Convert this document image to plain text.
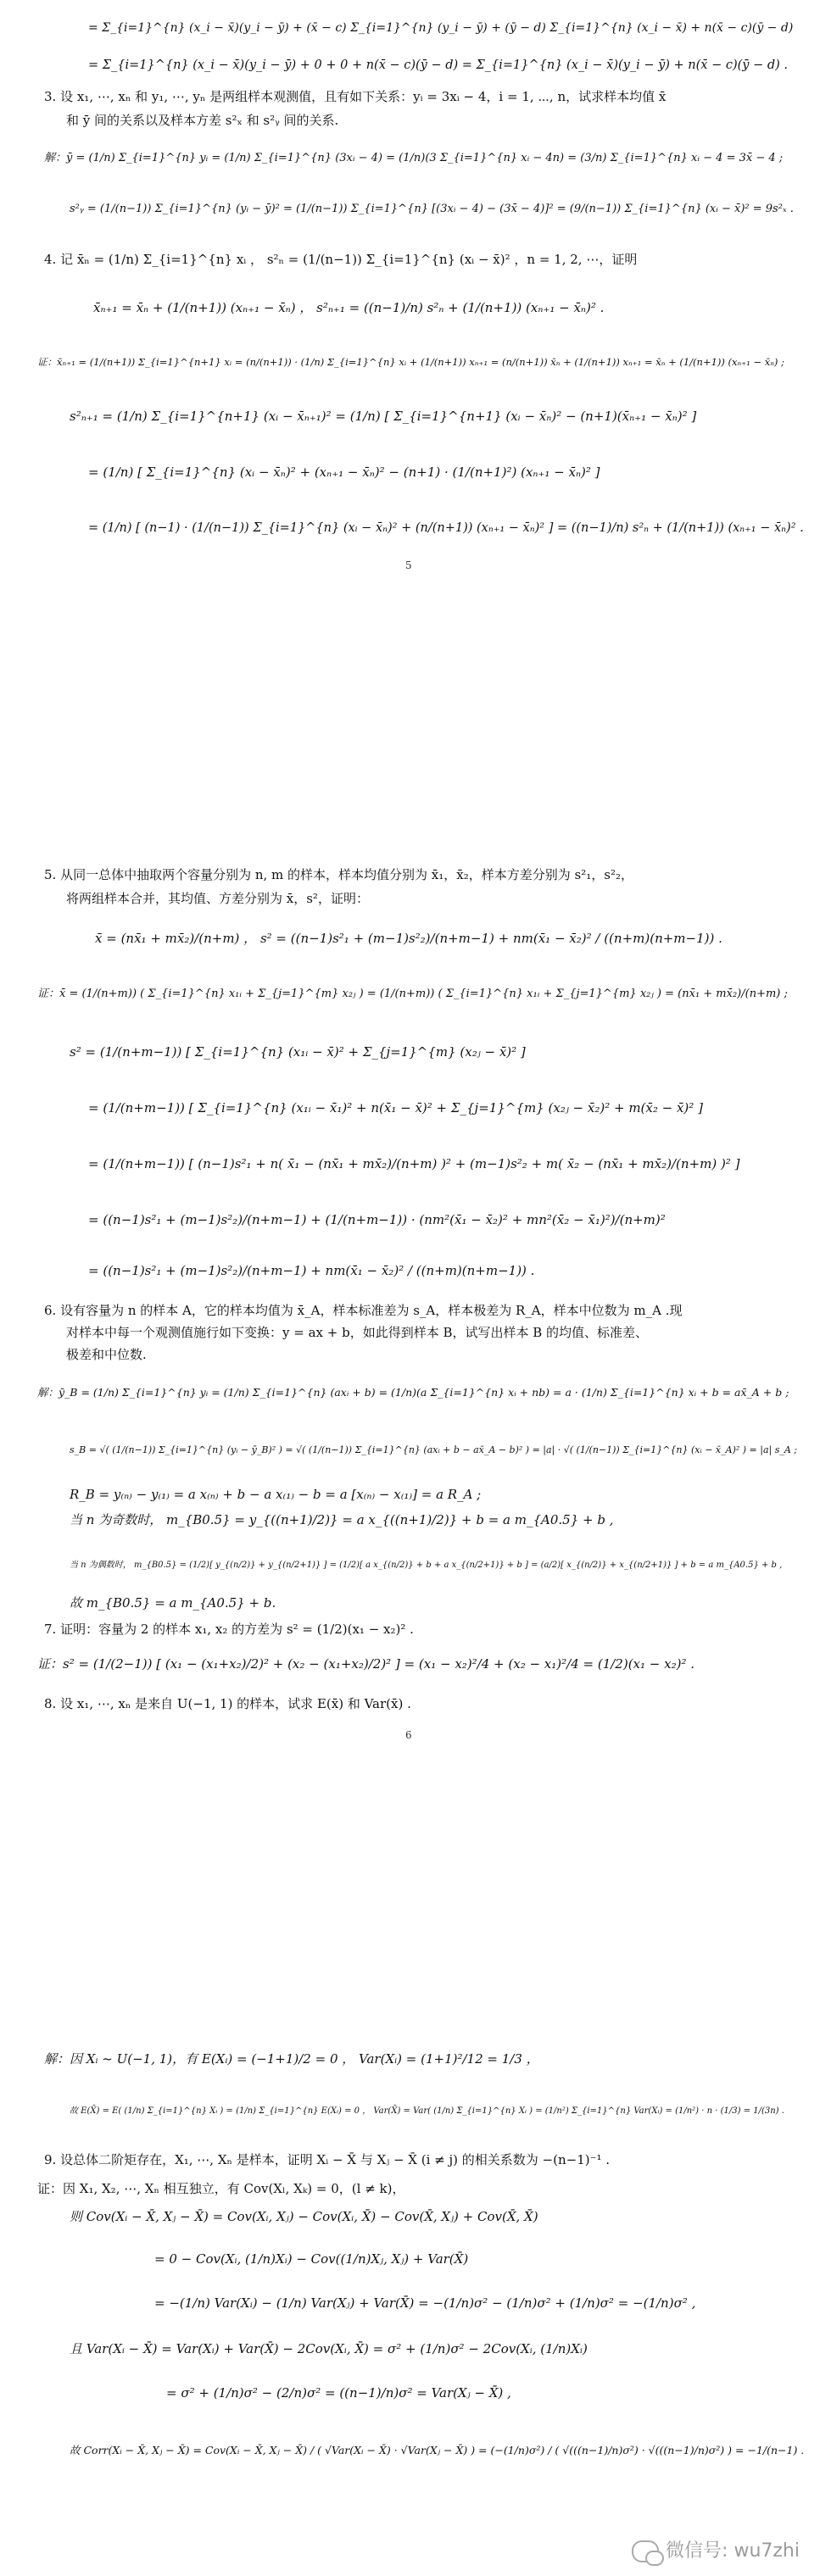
= Σ_{i=1}^{n} (x_i − x̄)(y_i − ȳ) + (x̄ − c) Σ_{i=1}^{n} (y_i − ȳ) + (ȳ − d) Σ_{i=1}^{n} (x_i − x̄) + n(x̄ − c)(ȳ − d)
= Σ_{i=1}^{n} (x_i − x̄)(y_i − ȳ) + 0 + 0 + n(x̄ − c)(ȳ − d) = Σ_{i=1}^{n} (x_i − x̄)(y_i − ȳ) + n(x̄ − c)(ȳ − d) .
3. 设 x₁, ⋯, xₙ 和 y₁, ⋯, yₙ 是两组样本观测值，且有如下关系：yᵢ = 3xᵢ − 4，i = 1, ⋯, n，试求样本均值 x̄
和 ȳ 间的关系以及样本方差 s²ₓ 和 s²ᵧ 间的关系.
解：ȳ = (1/n) Σ_{i=1}^{n} yᵢ = (1/n) Σ_{i=1}^{n} (3xᵢ − 4) = (1/n)(3 Σ_{i=1}^{n} xᵢ − 4n) = (3/n) Σ_{i=1}^{n} xᵢ − 4 = 3x̄ − 4 ;
s²ᵧ = (1/(n−1)) Σ_{i=1}^{n} (yᵢ − ȳ)² = (1/(n−1)) Σ_{i=1}^{n} [(3xᵢ − 4) − (3x̄ − 4)]² = (9/(n−1)) Σ_{i=1}^{n} (xᵢ − x̄)² = 9s²ₓ .
4. 记 x̄ₙ = (1/n) Σ_{i=1}^{n} xᵢ ， s²ₙ = (1/(n−1)) Σ_{i=1}^{n} (xᵢ − x̄)² ，n = 1, 2, ⋯，证明
x̄ₙ₊₁ = x̄ₙ + (1/(n+1)) (xₙ₊₁ − x̄ₙ) ， s²ₙ₊₁ = ((n−1)/n) s²ₙ + (1/(n+1)) (xₙ₊₁ − x̄ₙ)² .
证：x̄ₙ₊₁ = (1/(n+1)) Σ_{i=1}^{n+1} xᵢ = (n/(n+1)) · (1/n) Σ_{i=1}^{n} xᵢ + (1/(n+1)) xₙ₊₁ = (n/(n+1)) x̄ₙ + (1/(n+1)) xₙ₊₁ = x̄ₙ + (1/(n+1)) (xₙ₊₁ − x̄ₙ) ;
s²ₙ₊₁ = (1/n) Σ_{i=1}^{n+1} (xᵢ − x̄ₙ₊₁)² = (1/n) [ Σ_{i=1}^{n+1} (xᵢ − x̄ₙ)² − (n+1)(x̄ₙ₊₁ − x̄ₙ)² ]
= (1/n) [ Σ_{i=1}^{n} (xᵢ − x̄ₙ)² + (xₙ₊₁ − x̄ₙ)² − (n+1) · (1/(n+1)²) (xₙ₊₁ − x̄ₙ)² ]
= (1/n) [ (n−1) · (1/(n−1)) Σ_{i=1}^{n} (xᵢ − x̄ₙ)² + (n/(n+1)) (xₙ₊₁ − x̄ₙ)² ] = ((n−1)/n) s²ₙ + (1/(n+1)) (xₙ₊₁ − x̄ₙ)² .
5
5. 从同一总体中抽取两个容量分别为 n, m 的样本，样本均值分别为 x̄₁，x̄₂，样本方差分别为 s²₁，s²₂，
将两组样本合并，其均值、方差分别为 x̄，s²，证明：
x̄ = (nx̄₁ + mx̄₂)/(n+m) ， s² = ((n−1)s²₁ + (m−1)s²₂)/(n+m−1) + nm(x̄₁ − x̄₂)² / ((n+m)(n+m−1)) .
证：x̄ = (1/(n+m)) ( Σ_{i=1}^{n} x₁ᵢ + Σ_{j=1}^{m} x₂ⱼ ) = (1/(n+m)) ( Σ_{i=1}^{n} x₁ᵢ + Σ_{j=1}^{m} x₂ⱼ ) = (nx̄₁ + mx̄₂)/(n+m) ;
s² = (1/(n+m−1)) [ Σ_{i=1}^{n} (x₁ᵢ − x̄)² + Σ_{j=1}^{m} (x₂ⱼ − x̄)² ]
= (1/(n+m−1)) [ Σ_{i=1}^{n} (x₁ᵢ − x̄₁)² + n(x̄₁ − x̄)² + Σ_{j=1}^{m} (x₂ⱼ − x̄₂)² + m(x̄₂ − x̄)² ]
= (1/(n+m−1)) [ (n−1)s²₁ + n( x̄₁ − (nx̄₁ + mx̄₂)/(n+m) )² + (m−1)s²₂ + m( x̄₂ − (nx̄₁ + mx̄₂)/(n+m) )² ]
= ((n−1)s²₁ + (m−1)s²₂)/(n+m−1) + (1/(n+m−1)) · (nm²(x̄₁ − x̄₂)² + mn²(x̄₂ − x̄₁)²)/(n+m)²
= ((n−1)s²₁ + (m−1)s²₂)/(n+m−1) + nm(x̄₁ − x̄₂)² / ((n+m)(n+m−1)) .
6. 设有容量为 n 的样本 A，它的样本均值为 x̄_A，样本标准差为 s_A，样本极差为 R_A，样本中位数为 m_A .现
对样本中每一个观测值施行如下变换：y = ax + b，如此得到样本 B，试写出样本 B 的均值、标准差、
极差和中位数.
解：ȳ_B = (1/n) Σ_{i=1}^{n} yᵢ = (1/n) Σ_{i=1}^{n} (axᵢ + b) = (1/n)(a Σ_{i=1}^{n} xᵢ + nb) = a · (1/n) Σ_{i=1}^{n} xᵢ + b = ax̄_A + b ;
s_B = √( (1/(n−1)) Σ_{i=1}^{n} (yᵢ − ȳ_B)² ) = √( (1/(n−1)) Σ_{i=1}^{n} (axᵢ + b − ax̄_A − b)² ) = |a| · √( (1/(n−1)) Σ_{i=1}^{n} (xᵢ − x̄_A)² ) = |a| s_A ;
R_B = y₍ₙ₎ − y₍₁₎ = a x₍ₙ₎ + b − a x₍₁₎ − b = a [x₍ₙ₎ − x₍₁₎] = a R_A ;
当 n 为奇数时， m_{B0.5} = y_{((n+1)/2)} = a x_{((n+1)/2)} + b = a m_{A0.5} + b ,
当 n 为偶数时， m_{B0.5} = (1/2)[ y_{(n/2)} + y_{(n/2+1)} ] = (1/2)[ a x_{(n/2)} + b + a x_{(n/2+1)} + b ] = (a/2)[ x_{(n/2)} + x_{(n/2+1)} ] + b = a m_{A0.5} + b ,
故 m_{B0.5} = a m_{A0.5} + b.
7. 证明：容量为 2 的样本 x₁, x₂ 的方差为 s² = (1/2)(x₁ − x₂)² .
证：s² = (1/(2−1)) [ (x₁ − (x₁+x₂)/2)² + (x₂ − (x₁+x₂)/2)² ] = (x₁ − x₂)²/4 + (x₂ − x₁)²/4 = (1/2)(x₁ − x₂)² .
8. 设 x₁, ⋯, xₙ 是来自 U(−1, 1) 的样本，试求 E(x̄) 和 Var(x̄) .
6
解：因 Xᵢ ~ U(−1, 1)，有 E(Xᵢ) = (−1+1)/2 = 0 ， Var(Xᵢ) = (1+1)²/12 = 1/3 ，
故 E(X̄) = E( (1/n) Σ_{i=1}^{n} Xᵢ ) = (1/n) Σ_{i=1}^{n} E(Xᵢ) = 0 ， Var(X̄) = Var( (1/n) Σ_{i=1}^{n} Xᵢ ) = (1/n²) Σ_{i=1}^{n} Var(Xᵢ) = (1/n²) · n · (1/3) = 1/(3n) .
9. 设总体二阶矩存在，X₁, ⋯, Xₙ 是样本，证明 Xᵢ − X̄ 与 Xⱼ − X̄ (i ≠ j) 的相关系数为 −(n−1)⁻¹ .
证：因 X₁, X₂, ⋯, Xₙ 相互独立，有 Cov(Xₗ, Xₖ) = 0，(l ≠ k)，
则 Cov(Xᵢ − X̄, Xⱼ − X̄) = Cov(Xᵢ, Xⱼ) − Cov(Xᵢ, X̄) − Cov(X̄, Xⱼ) + Cov(X̄, X̄)
= 0 − Cov(Xᵢ, (1/n)Xᵢ) − Cov((1/n)Xⱼ, Xⱼ) + Var(X̄)
= −(1/n) Var(Xᵢ) − (1/n) Var(Xⱼ) + Var(X̄) = −(1/n)σ² − (1/n)σ² + (1/n)σ² = −(1/n)σ² ,
且 Var(Xᵢ − X̄) = Var(Xᵢ) + Var(X̄) − 2Cov(Xᵢ, X̄) = σ² + (1/n)σ² − 2Cov(Xᵢ, (1/n)Xᵢ)
= σ² + (1/n)σ² − (2/n)σ² = ((n−1)/n)σ² = Var(Xⱼ − X̄) ,
故 Corr(Xᵢ − X̄, Xⱼ − X̄) = Cov(Xᵢ − X̄, Xⱼ − X̄) / ( √Var(Xᵢ − X̄) · √Var(Xⱼ − X̄) ) = (−(1/n)σ²) / ( √(((n−1)/n)σ²) · √(((n−1)/n)σ²) ) = −1/(n−1) .
微信号: wu7zhi
